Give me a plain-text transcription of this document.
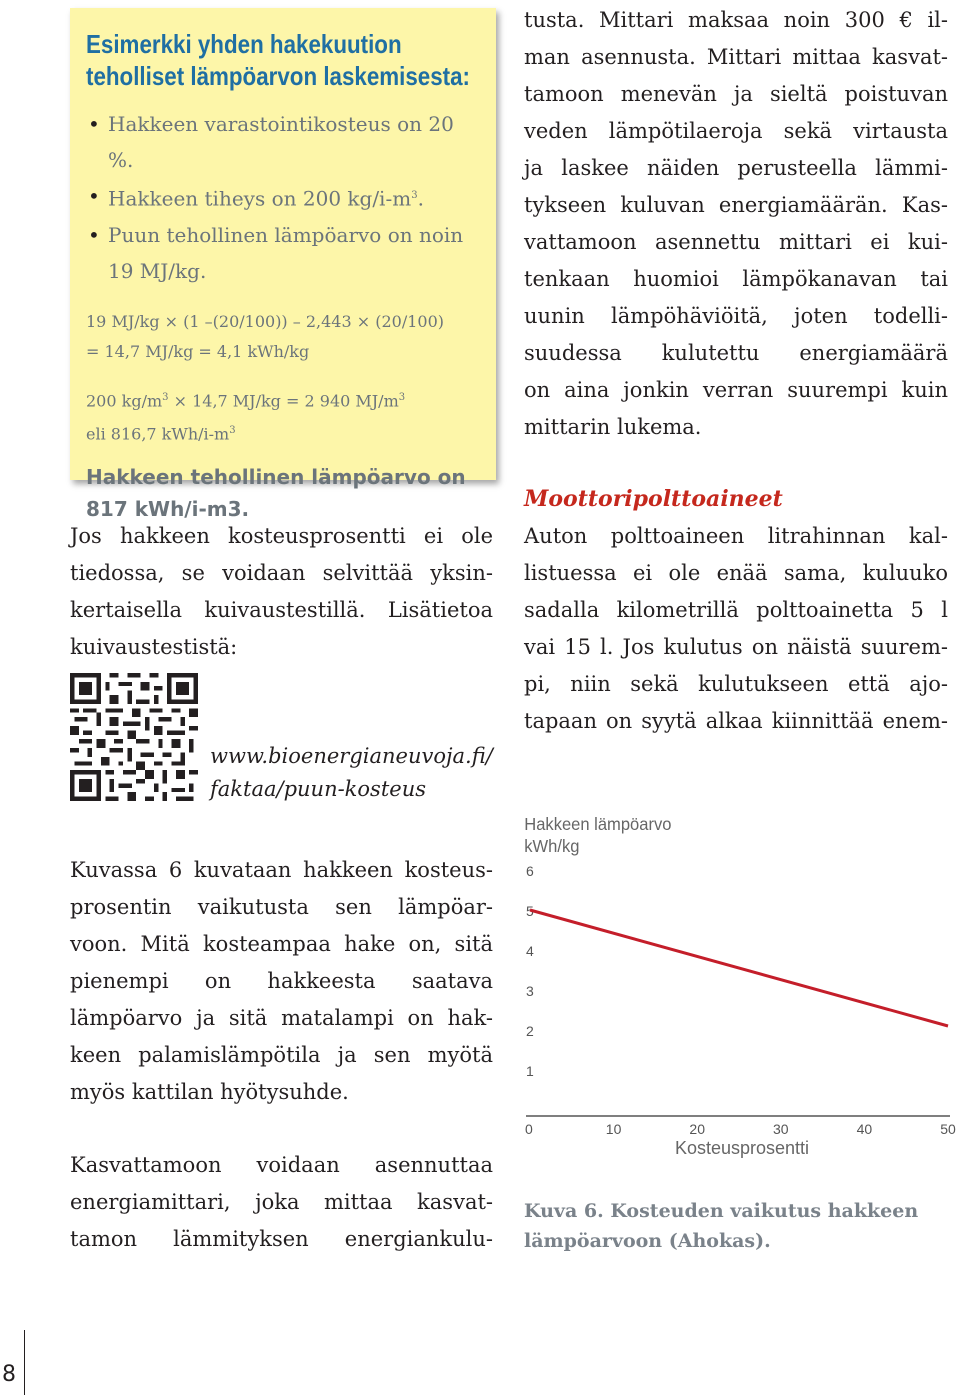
Esimerkki yhden hakekuution
teholliset lämpöarvon laskemisesta:
• Hakkeen varastointikosteus on 20 %.
• Hakkeen tiheys on 200 $kg/i-m^3$.
• Puun tehollinen lämpöarvo on noin
19 MJ/kg.
19 MJ/kg × (1 –(20/100)) – 2,443 × (20/100)
= 14,7 MJ/kg = 4,1 kWh/kg
200 $kg/m^3 \times 14,7$ MJ/kg = 2 940 $MJ/m^3$
eli 816,7 kWh/$i-m^3$
Hakkeen tehollinen lämpöarvo on
817 kWh/i-m3.

Jos hakkeen kosteusprosentti ei ole
tiedossa, se voidaan selvittää yksin-
kertaisella kuivaustestillä. Lisätietoa
kuivaustestistä:

www.bioenergianeuvoja.fi/
faktaa/puun-kosteus

Kuvassa 6 kuvataan hakkeen kosteus-
prosentin vaikutusta sen lämpöar-
voon. Mitä kosteampaa hake on, sitä
pienempi on hakkeesta saatava
lämpöarvo ja sitä matalampi on hak-
keen palamislämpötila ja sen myötä
myös kattilan hyötysuhde.

Kasvattamoon voidaan asennuttaa
energiamittari, joka mittaa kasvat-
tamon lämmityksen energiankulu-

tusta. Mittari maksaa noin 300 € il-
man asennusta. Mittari mittaa kasvat-
tamoon menevän ja sieltä poistuvan
veden lämpötilaeroja sekä virtausta
ja laskee näiden perusteella lämmi-
tykseen kuluvan energiamäärän. Kas-
vattamoon asennettu mittari ei kui-
tenkaan huomioi lämpökanavan tai
uunin lämpöhäviöitä, joten todelli-
suudessa kulutettu energiamäärä
on aina jonkin verran suurempi kuin
mittarin lukema.

Moottoripolttoaineet

Auton polttoaineen litrahinnan kal-
listuessa ei ole enää sama, kuluuko
sadalla kilometrillä polttoainetta 5 l
vai 15 l. Jos kulutus on näistä suurem-
pi, niin sekä kulutukseen että ajo-
tapaan on syytä alkaa kiinnittää enem-

Hakkeen lämpöarvo
kWh/kg
1
2
3
4
5
6
0	10	20	30	40	50
Kosteusprosentti

Kuva 6. Kosteuden vaikutus hakkeen
lämpöarvoon (Ahokas).

8
